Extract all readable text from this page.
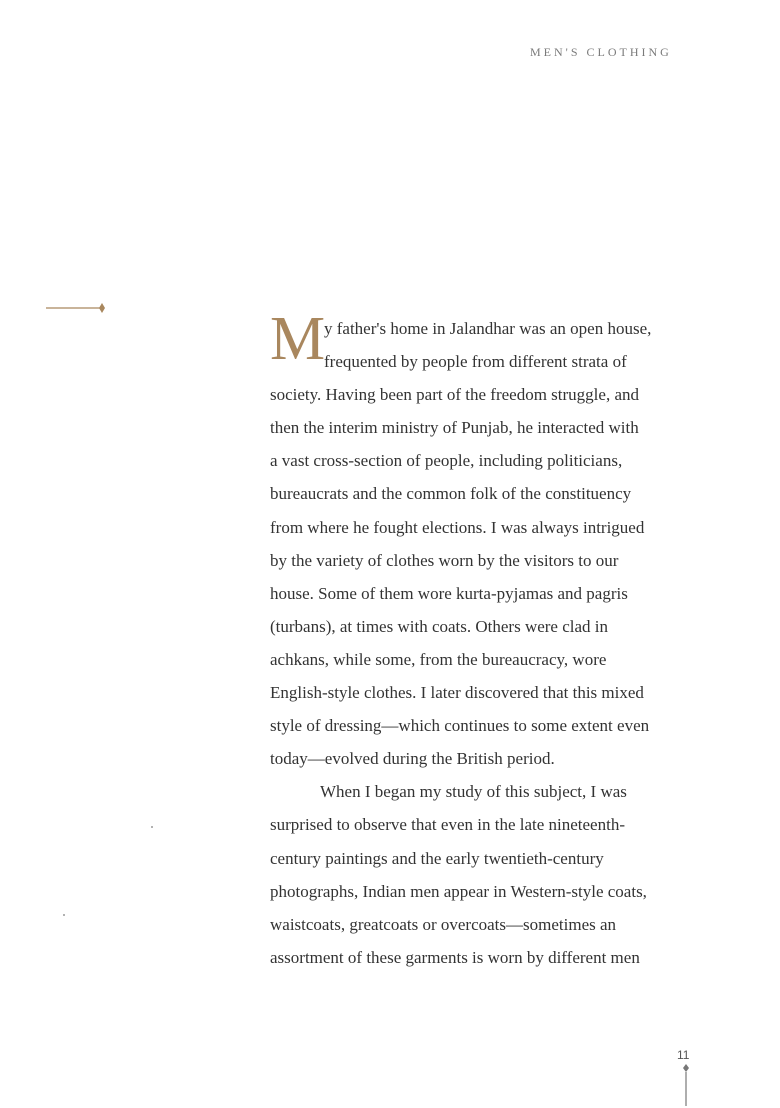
MEN'S CLOTHING
M
y father's home in Jalandhar was an open house,
frequented by people from different strata of
society. Having been part of the freedom struggle, and
then the interim ministry of Punjab, he interacted with
a vast cross-section of people, including politicians,
bureaucrats and the common folk of the constituency
from where he fought elections. I was always intrigued
by the variety of clothes worn by the visitors to our
house. Some of them wore kurta-pyjamas and pagris
(turbans), at times with coats. Others were clad in
achkans, while some, from the bureaucracy, wore
English-style clothes. I later discovered that this mixed
style of dressing—which continues to some extent even
today—evolved during the British period.
When I began my study of this subject, I was
surprised to observe that even in the late nineteenth-
century paintings and the early twentieth-century
photographs, Indian men appear in Western-style coats,
waistcoats, greatcoats or overcoats—sometimes an
assortment of these garments is worn by different men
11
